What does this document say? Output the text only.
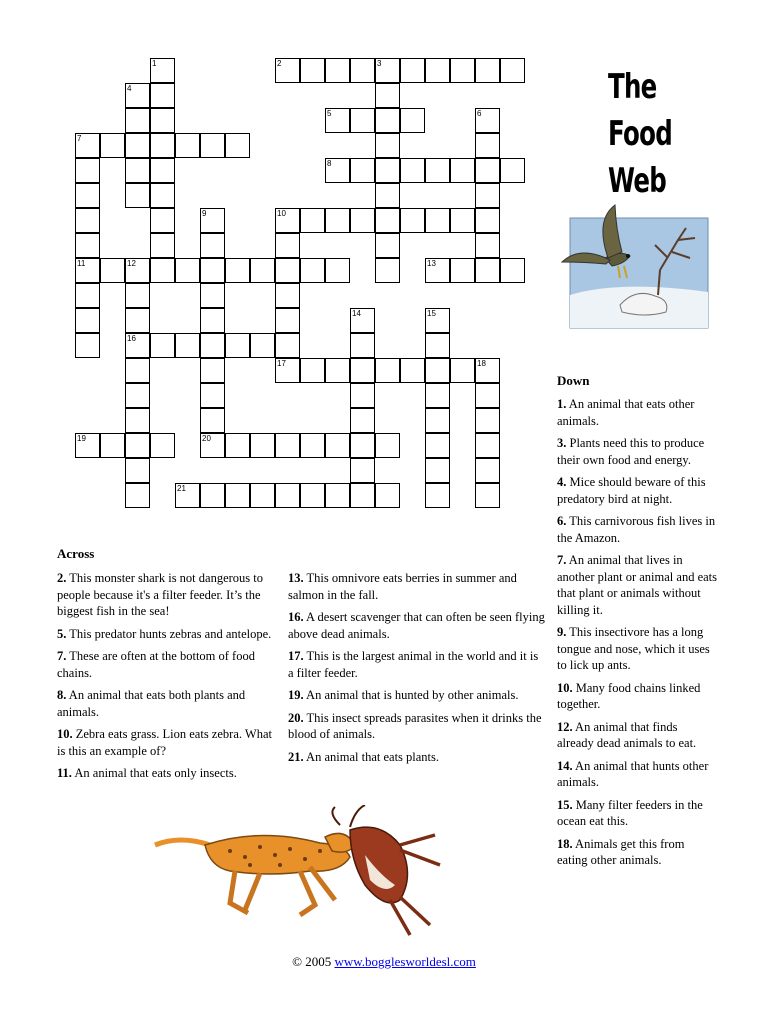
1
4
2	3
5	6
7
11
8
9	10
12
16
13
14	15
17	18
19	20
21
The
Food
Web
Across
2. This monster shark is not dangerous to people because it's a filter feeder. It’s the biggest fish in the sea!
5. This predator hunts zebras and antelope.
7. These are often at the bottom of food chains.
8. An animal that eats both plants and animals.
10. Zebra eats grass. Lion eats zebra. What is this an example of?
11. An animal that eats only insects.
13. This omnivore eats berries in summer and salmon in the fall.
16. A desert scavenger that can often be seen flying above dead animals.
17. This is the largest animal in the world and it is a filter feeder.
19. An animal that is hunted by other animals.
20. This insect spreads parasites when it drinks the blood of animals.
21. An animal that eats plants.
Down
1. An animal that eats other animals.
3. Plants need this to produce their own food and energy.
4. Mice should beware of this predatory bird at night.
6. This carnivorous fish lives in the Amazon.
7. An animal that lives in another plant or animal and eats that plant or animals without killing it.
9. This insectivore has a long tongue and nose, which it uses to lick up ants.
10. Many food chains linked together.
12. An animal that finds already dead animals to eat.
14. An animal that hunts other animals.
15. Many filter feeders in the ocean eat this.
18. Animals get this from eating other animals.
© 2005 www.bogglesworldesl.com
